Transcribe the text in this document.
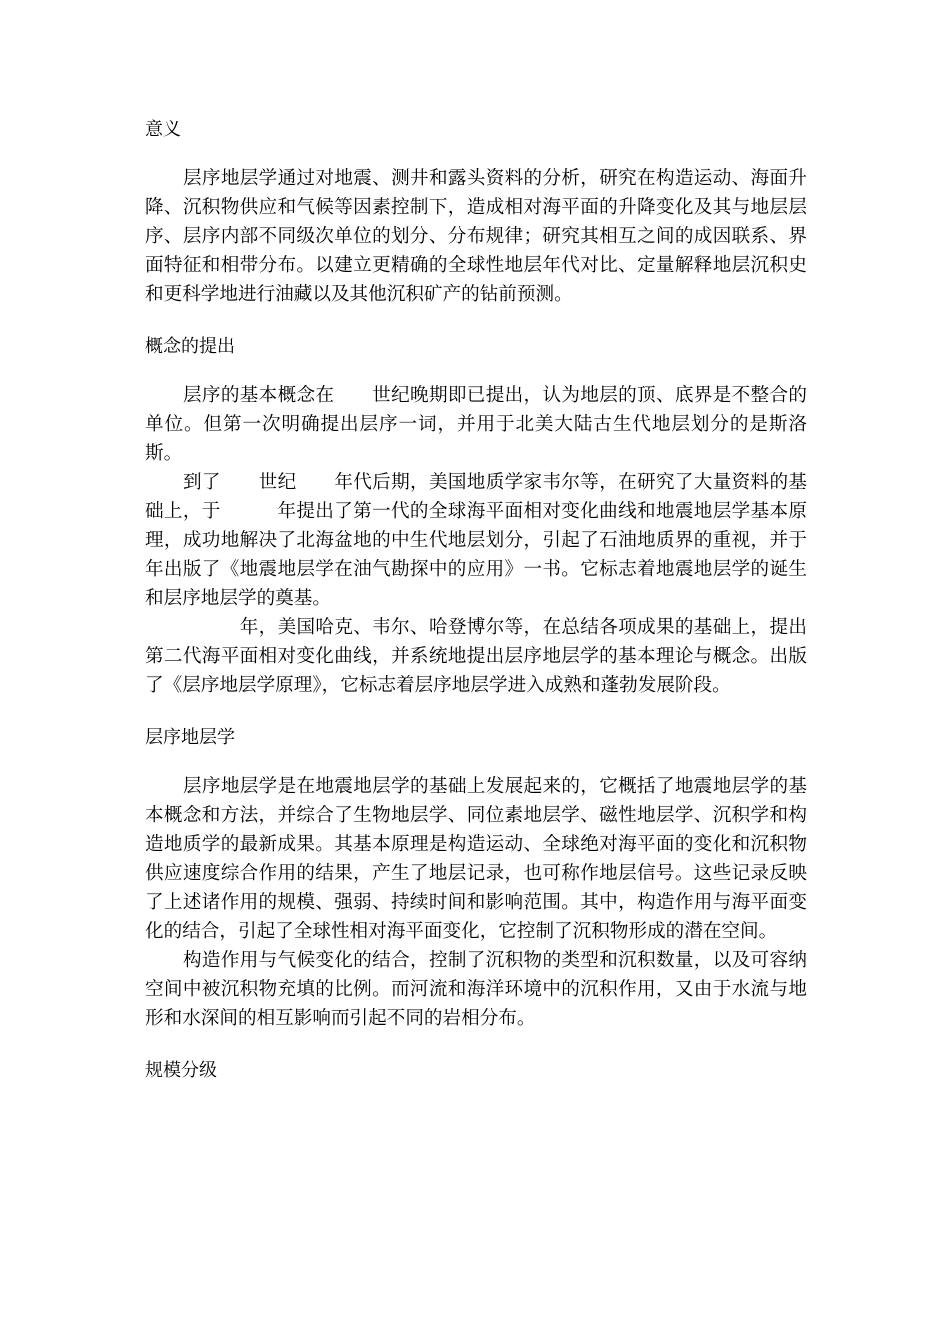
意义

层序地层学通过对地震、测井和露头资料的分析，研究在构造运动、海面升降、沉积物供应和气候等因素控制下，造成相对海平面的升降变化及其与地层层序、层序内部不同级次单位的划分、分布规律；研究其相互之间的成因联系、界面特征和相带分布。以建立更精确的全球性地层年代对比、定量解释地层沉积史和更科学地进行油藏以及其他沉积矿产的钻前预测。

概念的提出

层序的基本概念在　　世纪晚期即已提出，认为地层的顶、底界是不整合的单位。但第一次明确提出层序一词，并用于北美大陆古生代地层划分的是斯洛斯。

到了　　世纪　　年代后期，美国地质学家韦尔等，在研究了大量资料的基础上，于　　　年提出了第一代的全球海平面相对变化曲线和地震地层学基本原理，成功地解决了北海盆地的中生代地层划分，引起了石油地质界的重视，并于　　　年出版了《地震地层学在油气勘探中的应用》一书。它标志着地震地层学的诞生和层序地层学的奠基。

　　　年，美国哈克、韦尔、哈登博尔等，在总结各项成果的基础上，提出第二代海平面相对变化曲线，并系统地提出层序地层学的基本理论与概念。出版了《层序地层学原理》，它标志着层序地层学进入成熟和蓬勃发展阶段。

层序地层学

层序地层学是在地震地层学的基础上发展起来的，它概括了地震地层学的基本概念和方法，并综合了生物地层学、同位素地层学、磁性地层学、沉积学和构造地质学的最新成果。其基本原理是构造运动、全球绝对海平面的变化和沉积物供应速度综合作用的结果，产生了地层记录，也可称作地层信号。这些记录反映了上述诸作用的规模、强弱、持续时间和影响范围。其中，构造作用与海平面变化的结合，引起了全球性相对海平面变化，它控制了沉积物形成的潜在空间。

构造作用与气候变化的结合，控制了沉积物的类型和沉积数量，以及可容纳空间中被沉积物充填的比例。而河流和海洋环境中的沉积作用，又由于水流与地形和水深间的相互影响而引起不同的岩相分布。

规模分级
